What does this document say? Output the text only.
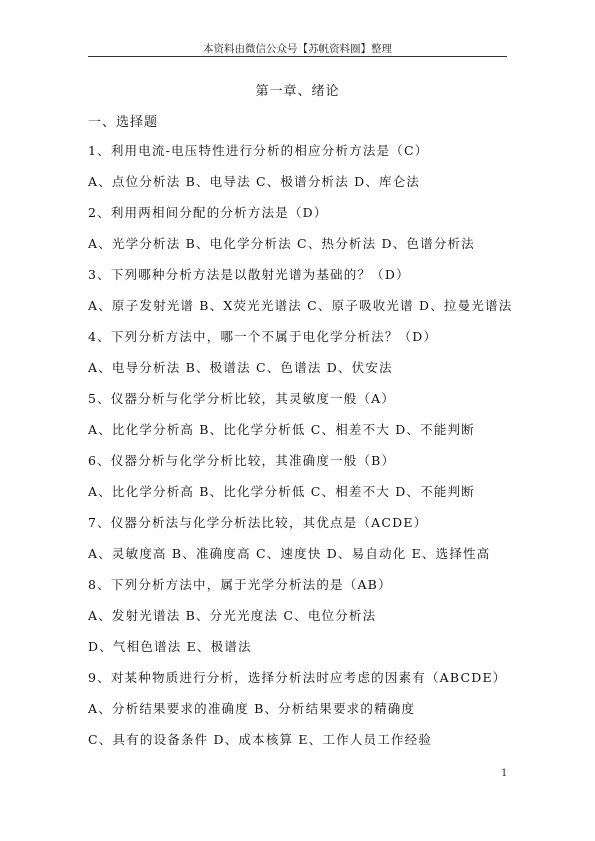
本资料由微信公众号【苏帆资料圈】整理
第一章、绪论
一、选择题
1、利用电流-电压特性进行分析的相应分析方法是（C）
A、点位分析法 B、电导法 C、极谱分析法 D、库仑法
2、利用两相间分配的分析方法是（D）
A、光学分析法 B、电化学分析法 C、热分析法 D、色谱分析法
3、下列哪种分析方法是以散射光谱为基础的？（D）
A、原子发射光谱 B、X荧光光谱法 C、原子吸收光谱 D、拉曼光谱法
4、下列分析方法中，哪一个不属于电化学分析法？（D）
A、电导分析法 B、极谱法 C、色谱法 D、伏安法
5、仪器分析与化学分析比较，其灵敏度一般（A）
A、比化学分析高 B、比化学分析低 C、相差不大 D、不能判断
6、仪器分析与化学分析比较，其准确度一般（B）
A、比化学分析高 B、比化学分析低 C、相差不大 D、不能判断
7、仪器分析法与化学分析法比较，其优点是（ACDE）
A、灵敏度高 B、准确度高 C、速度快 D、易自动化 E、选择性高
8、下列分析方法中，属于光学分析法的是（AB）
A、发射光谱法 B、分光光度法 C、电位分析法
D、气相色谱法 E、极谱法
9、对某种物质进行分析，选择分析法时应考虑的因素有（ABCDE）
A、分析结果要求的准确度 B、分析结果要求的精确度
C、具有的设备条件 D、成本核算 E、工作人员工作经验
1
